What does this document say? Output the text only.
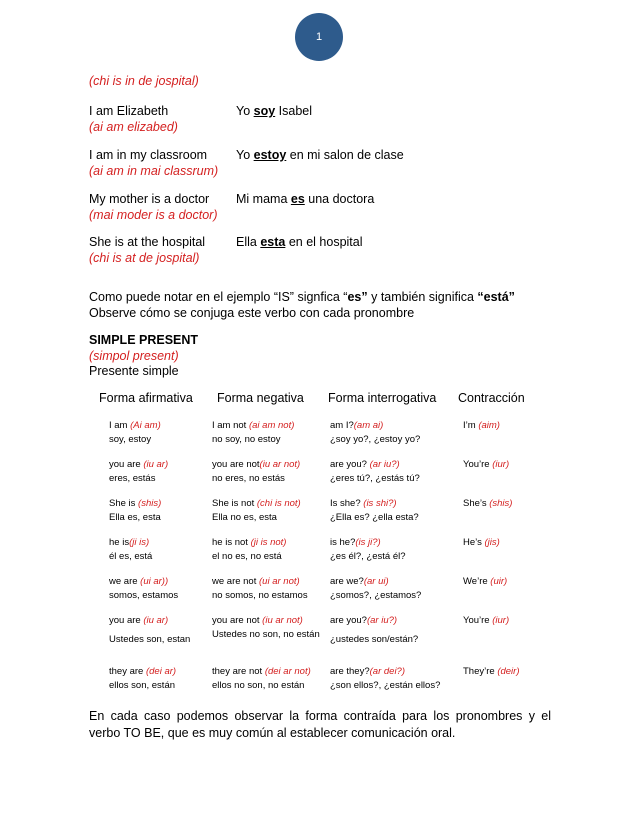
1
(chi is in de jospital)
I am Elizabeth
(ai am elizabed)
Yo soy Isabel
I am in my classroom
(ai am in mai classrum)
Yo estoy en mi salon de clase
My mother is a doctor
(mai moder is a doctor)
Mi mama es una doctora
She is at the hospital
(chi is at de jospital)
Ella esta en el hospital
Como puede notar en el ejemplo “IS” signfica “es” y también significa “está”
Observe cómo se conjuga este verbo con cada pronombre
SIMPLE PRESENT
(simpol present)
Presente simple
Forma afirmativa Forma negativa Forma interrogativa Contracción
I am (Ai am)
soy, estoy
I am not (ai am not)
no soy, no estoy
am I?(am ai)
¿soy yo?, ¿estoy yo?
I’m (aim)
you are (iu ar)
eres, estás
you are not(iu ar not)
no eres, no estás
are you? (ar iu?)
¿eres tú?, ¿estás tú?
You’re (iur)
She is (shis)
Ella es, esta
She is not (chi is not)
Ella no es, esta
Is she? (is shi?)
¿Ella es? ¿ella esta?
She’s (shis)
he is(ji is)
él es, está
he is not (ji is not)
el no es, no está
is he?(is ji?)
¿es él?, ¿está él?
He’s (jis)
we are (ui ar))
somos, estamos
we are not (ui ar not)
no somos, no estamos
are we?(ar ui)
¿somos?, ¿estamos?
We’re (uir)
you are (iu ar)
Ustedes son, estan
you are not (iu ar not)
Ustedes no son, no están
are you?(ar iu?)
¿ustedes son/están?
You’re (iur)
they are (dei ar)
ellos son, están
they are not (dei ar not)
ellos no son, no están
are they?(ar dei?)
¿son ellos?, ¿están ellos?
They’re (deir)
En cada caso podemos observar la forma contraída para los pronombres y el verbo TO BE, que es muy común al establecer comunicación oral.
